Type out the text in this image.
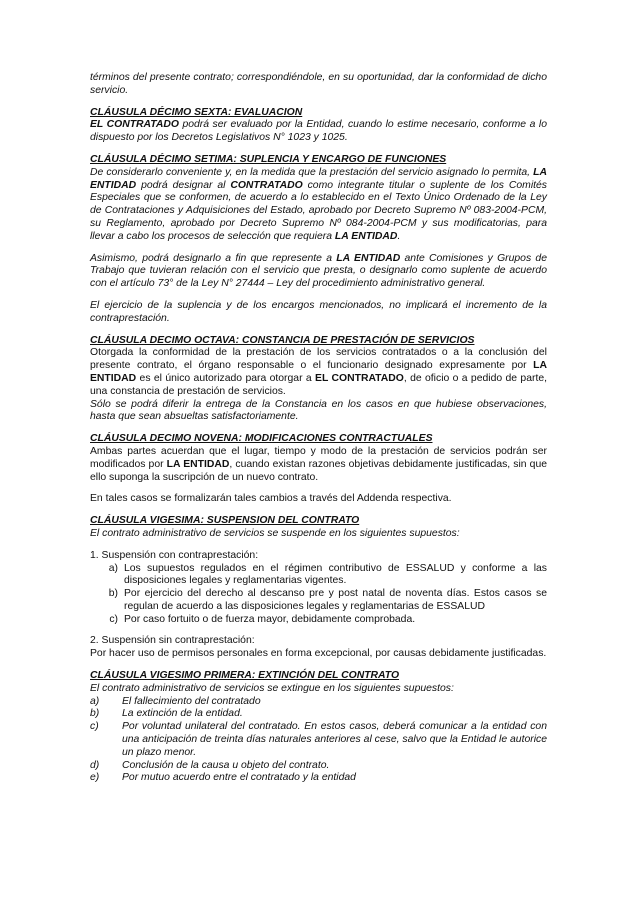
términos del presente contrato; correspondiéndole, en su oportunidad, dar la conformidad de dicho servicio.

CLÁUSULA DÉCIMO SEXTA: EVALUACION

EL CONTRATADO podrá ser evaluado por la Entidad, cuando lo estime necesario, conforme a lo dispuesto por los Decretos Legislativos N° 1023 y 1025.

CLÁUSULA DÉCIMO SETIMA: SUPLENCIA Y ENCARGO DE FUNCIONES

De considerarlo conveniente y, en la medida que la prestación del servicio asignado lo permita, LA ENTIDAD podrá designar al CONTRATADO como integrante titular o suplente de los Comités Especiales que se conformen, de acuerdo a lo establecido en el Texto Único Ordenado de la Ley de Contrataciones y Adquisiciones del Estado, aprobado por Decreto Supremo Nº 083-2004-PCM, su Reglamento, aprobado por Decreto Supremo Nº 084-2004-PCM y sus modificatorias, para llevar a cabo los procesos de selección que requiera LA ENTIDAD.

Asimismo, podrá designarlo a fin que represente a LA ENTIDAD ante Comisiones y Grupos de Trabajo que tuvieran relación con el servicio que presta, o designarlo como suplente de acuerdo con el artículo 73° de la Ley N° 27444 – Ley del procedimiento administrativo general.

El ejercicio de la suplencia y de los encargos mencionados, no implicará el incremento de la contraprestación.

CLÁUSULA DECIMO OCTAVA: CONSTANCIA DE PRESTACIÓN DE SERVICIOS

Otorgada la conformidad de la prestación de los servicios contratados o a la conclusión del presente contrato, el órgano responsable o el funcionario designado expresamente por LA ENTIDAD es el único autorizado para otorgar a EL CONTRATADO, de oficio o a pedido de parte, una constancia de prestación de servicios.

Sólo se podrá diferir la entrega de la Constancia en los casos en que hubiese observaciones, hasta que sean absueltas satisfactoriamente.

CLÁUSULA DECIMO NOVENA: MODIFICACIONES CONTRACTUALES

Ambas partes acuerdan que el lugar, tiempo y modo de la prestación de servicios podrán ser modificados por LA ENTIDAD, cuando existan razones objetivas debidamente justificadas, sin que ello suponga la suscripción de un nuevo contrato.

En tales casos se formalizarán tales cambios a través del Addenda respectiva.

CLÁUSULA VIGESIMA: SUSPENSION DEL CONTRATO

El contrato administrativo de servicios se suspende en los siguientes supuestos:

1. Suspensión con contraprestación:

a) Los supuestos regulados en el régimen contributivo de ESSALUD y conforme a las disposiciones legales y reglamentarias vigentes.
b) Por ejercicio del derecho al descanso pre y post natal de noventa días. Estos casos se regulan de acuerdo a las disposiciones legales y reglamentarias de ESSALUD
c) Por caso fortuito o de fuerza mayor, debidamente comprobada.

2. Suspensión sin contraprestación:

Por hacer uso de permisos personales en forma excepcional, por causas debidamente justificadas.

CLÁUSULA VIGESIMO PRIMERA: EXTINCIÓN DEL CONTRATO

El contrato administrativo de servicios se extingue en los siguientes supuestos:

a)	El fallecimiento del contratado
b)	La extinción de la entidad.
c)	Por voluntad unilateral del contratado. En estos casos, deberá comunicar a la entidad con una anticipación de treinta días naturales anteriores al cese, salvo que la Entidad le autorice un plazo menor.
d)	Conclusión de la causa u objeto del contrato.
e)	Por mutuo acuerdo entre el contratado y la entidad
